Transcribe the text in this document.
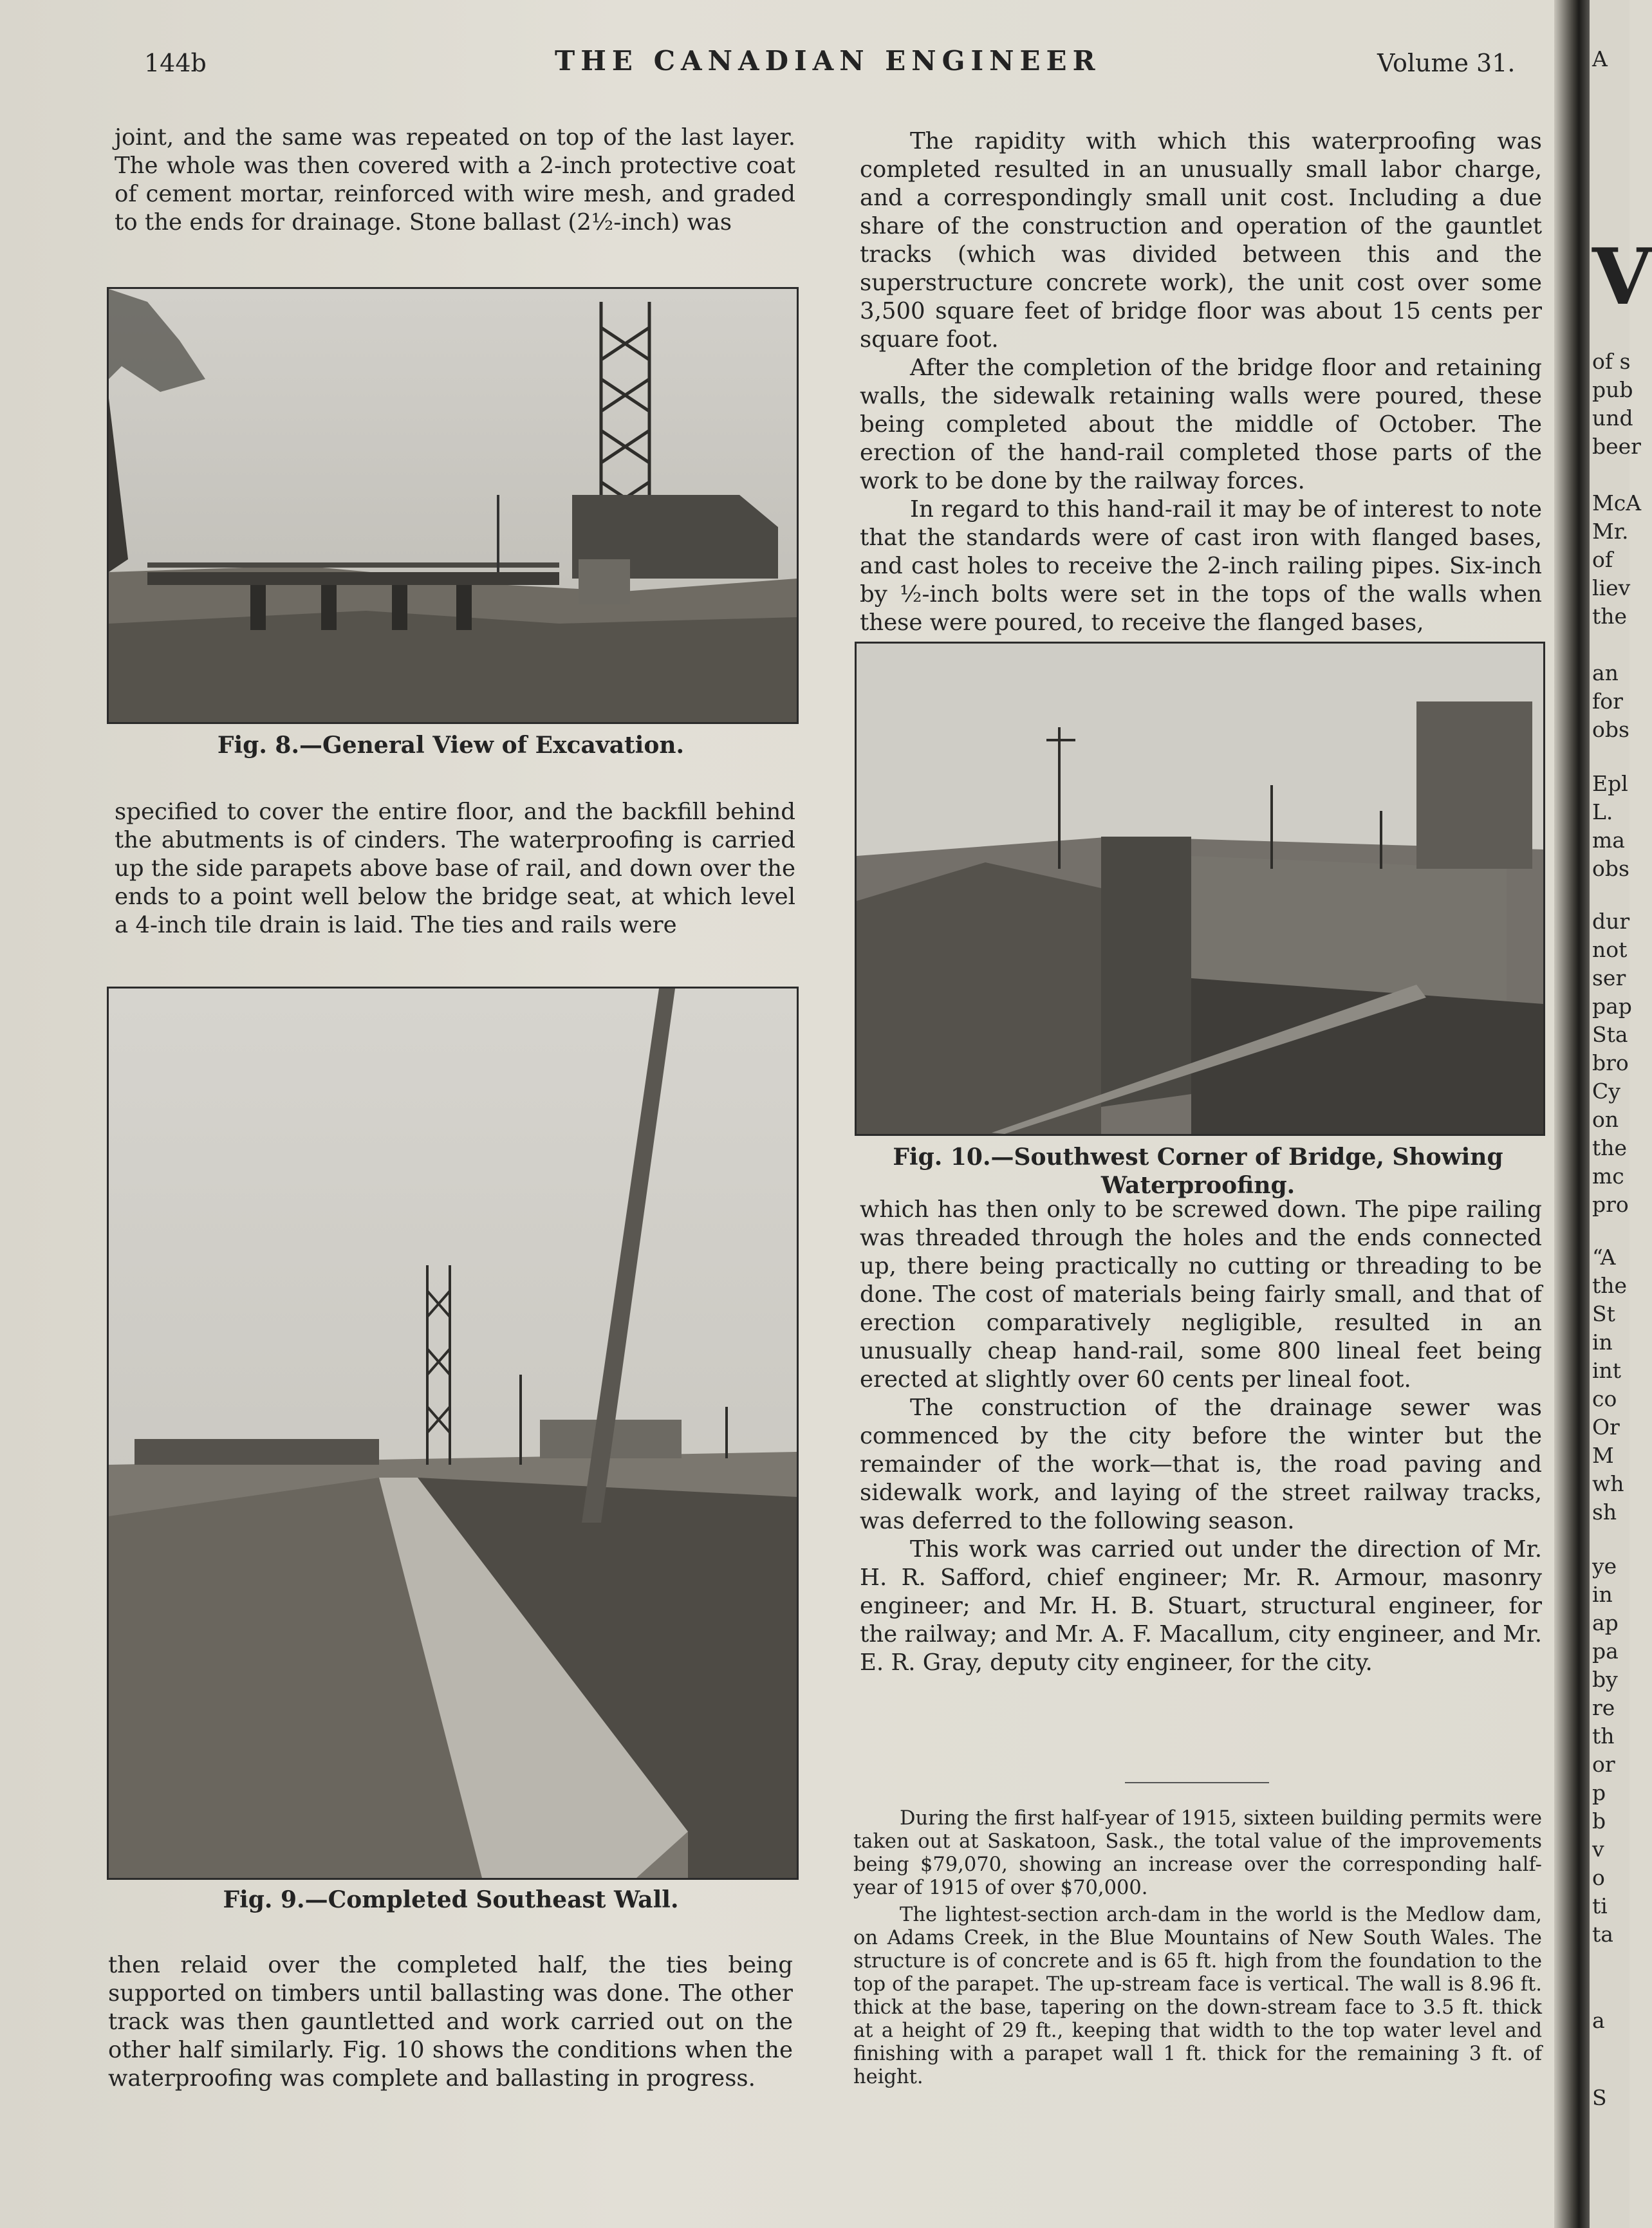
144b	THE CANADIAN ENGINEER	Volume 31.

joint, and the same was repeated on top of the last layer. The whole was then covered with a 2-inch protective coat of cement mortar, reinforced with wire mesh, and graded to the ends for drainage. Stone ballast (2½-inch) was

Fig. 8.—General View of Excavation.

specified to cover the entire floor, and the backfill behind the abutments is of cinders. The waterproofing is carried up the side parapets above base of rail, and down over the ends to a point well below the bridge seat, at which level a 4-inch tile drain is laid. The ties and rails were

Fig. 9.—Completed Southeast Wall.

then relaid over the completed half, the ties being supported on timbers until ballasting was done. The other track was then gauntletted and work carried out on the other half similarly. Fig. 10 shows the conditions when the waterproofing was complete and ballasting in progress.

The rapidity with which this waterproofing was completed resulted in an unusually small labor charge, and a correspondingly small unit cost. Including a due share of the construction and operation of the gauntlet tracks (which was divided between this and the superstructure concrete work), the unit cost over some 3,500 square feet of bridge floor was about 15 cents per square foot.

After the completion of the bridge floor and retaining walls, the sidewalk retaining walls were poured, these being completed about the middle of October. The erection of the hand-rail completed those parts of the work to be done by the railway forces.

In regard to this hand-rail it may be of interest to note that the standards were of cast iron with flanged bases, and cast holes to receive the 2-inch railing pipes. Six-inch by ½-inch bolts were set in the tops of the walls when these were poured, to receive the flanged bases,

Fig. 10.—Southwest Corner of Bridge, Showing
Waterproofing.

which has then only to be screwed down. The pipe railing was threaded through the holes and the ends connected up, there being practically no cutting or threading to be done. The cost of materials being fairly small, and that of erection comparatively negligible, resulted in an unusually cheap hand-rail, some 800 lineal feet being erected at slightly over 60 cents per lineal foot.

The construction of the drainage sewer was commenced by the city before the winter but the remainder of the work—that is, the road paving and sidewalk work, and laying of the street railway tracks, was deferred to the following season.

This work was carried out under the direction of Mr. H. R. Safford, chief engineer; Mr. R. Armour, masonry engineer; and Mr. H. B. Stuart, structural engineer, for the railway; and Mr. A. F. Macallum, city engineer, and Mr. E. R. Gray, deputy city engineer, for the city.

During the first half-year of 1915, sixteen building permits were taken out at Saskatoon, Sask., the total value of the improvements being $79,070, showing an increase over the corresponding half-year of 1915 of over $70,000.

The lightest-section arch-dam in the world is the Medlow dam, on Adams Creek, in the Blue Mountains of New South Wales. The structure is of concrete and is 65 ft. high from the foundation to the top of the parapet. The up-stream face is vertical. The wall is 8.96 ft. thick at the base, tapering on the down-stream face to 3.5 ft. thick at a height of 29 ft., keeping that width to the top water level and finishing with a parapet wall 1 ft. thick for the remaining 3 ft. of height.

A
V
of s
pub
und
beer
McA
Mr.
of
liev
the
an
for
obs
Epl
L.
ma
obs
dur
not
ser
pap
Sta
bro
Cy
on
the
mc
pro
“A
the
St
in
int
co
Or
M
wh
sh
ye
in
ap
pa
by
re
th
or
p
b
v
o
ti
ta
a
S
